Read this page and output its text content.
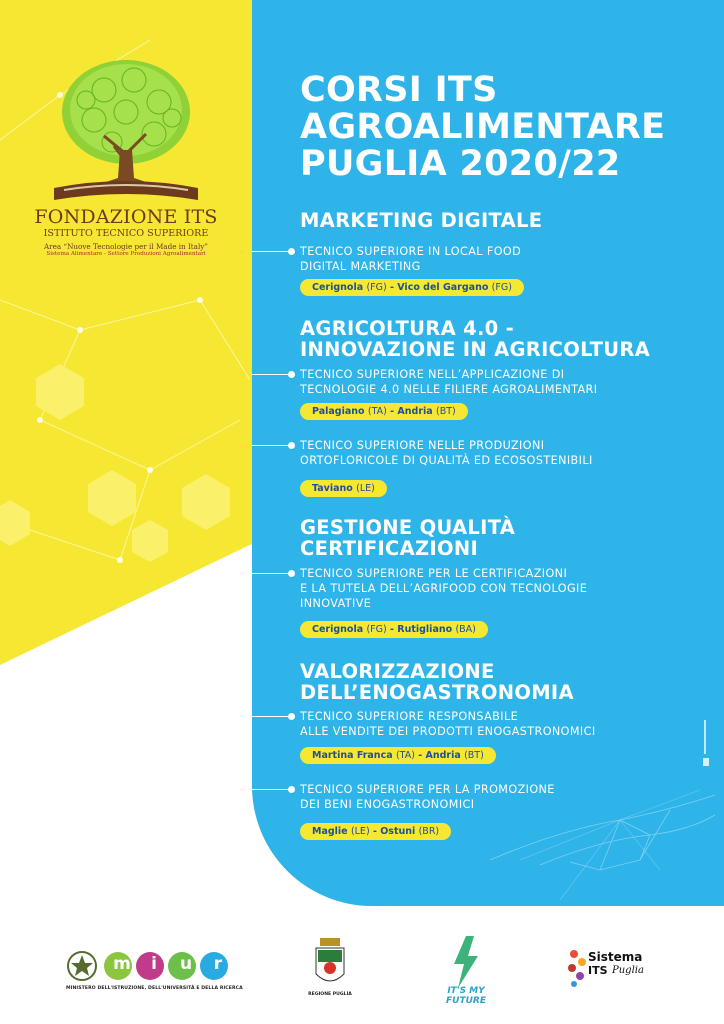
FONDAZIONE ITS
ISTITUTO TECNICO SUPERIORE
Area “Nuove Tecnologie per il Made in Italy”
Sistema Alimentare - Settore Produzioni Agroalimentari
CORSI ITS
AGROALIMENTARE
PUGLIA 2020/22
MARKETING DIGITALE
TECNICO SUPERIORE IN LOCAL FOOD
DIGITAL MARKETING
Cerignola (FG) - Vico del Gargano (FG)
AGRICOLTURA 4.0 -
INNOVAZIONE IN AGRICOLTURA
TECNICO SUPERIORE NELL’APPLICAZIONE DI
TECNOLOGIE 4.0 NELLE FILIERE AGROALIMENTARI
Palagiano (TA) - Andria (BT)
TECNICO SUPERIORE NELLE PRODUZIONI
ORTOFLORICOLE DI QUALITÀ ED ECOSOSTENIBILI
Taviano (LE)
GESTIONE QUALITÀ
CERTIFICAZIONI
TECNICO SUPERIORE PER LE CERTIFICAZIONI
E LA TUTELA DELL’AGRIFOOD CON TECNOLOGIE
INNOVATIVE
Cerignola (FG) - Rutigliano (BA)
VALORIZZAZIONE
DELL’ENOGASTRONOMIA
TECNICO SUPERIORE RESPONSABILE
ALLE VENDITE DEI PRODOTTI ENOGASTRONOMICI
Martina Franca (TA) - Andria (BT)
TECNICO SUPERIORE PER LA PROMOZIONE
DEI BENI ENOGASTRONOMICI
Maglie (LE) - Ostuni (BR)
m	i	u	r
MINISTERO DELL'ISTRUZIONE, DELL'UNIVERSITÀ E DELLA RICERCA
REGIONE PUGLIA	IT'S MY
FUTURE
Sistema
ITS Puglia
